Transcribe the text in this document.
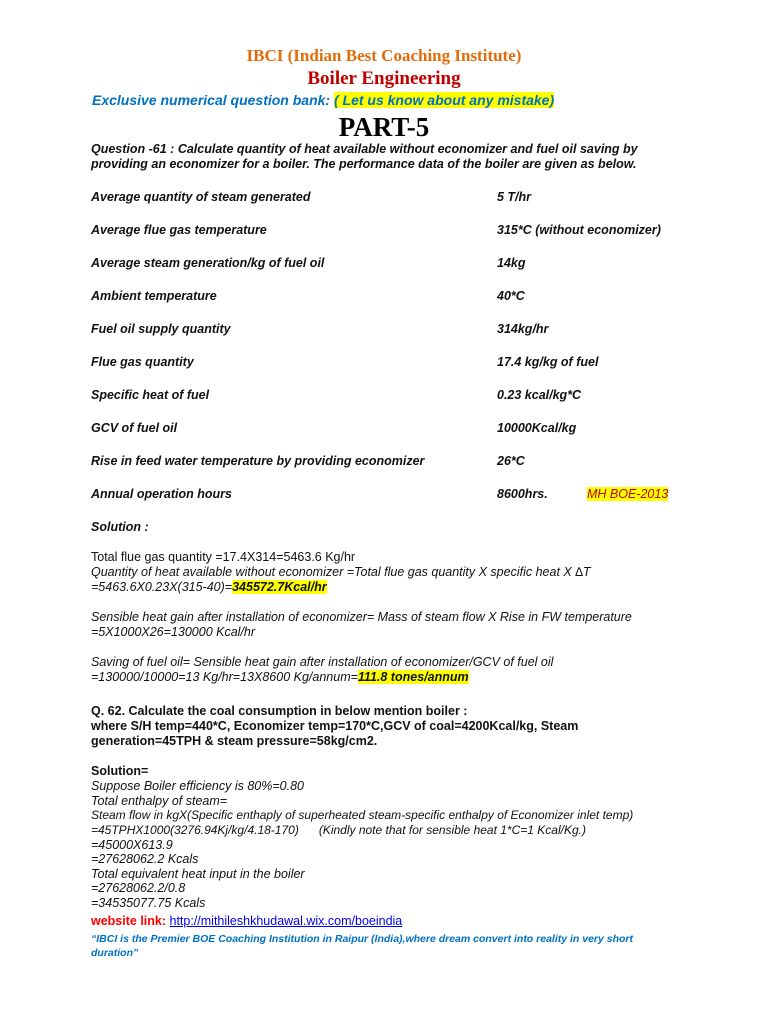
IBCI (Indian Best Coaching Institute)
Boiler Engineering
Exclusive numerical question bank: ( Let us know about any mistake)
PART-5
Question -61 : Calculate quantity of heat available without economizer and fuel oil saving by
providing an economizer for a boiler. The performance data of the boiler are given as below.
Average quantity of steam generated	5 T/hr
Average flue gas temperature	315*C (without economizer)
Average steam generation/kg of fuel oil	14kg
Ambient temperature	40*C
Fuel oil supply quantity	314kg/hr
Flue gas quantity	17.4 kg/kg of fuel
Specific heat of fuel	0.23 kcal/kg*C
GCV of fuel oil	10000Kcal/kg
Rise in feed water temperature by providing economizer	26*C
Annual operation hours	8600hrs.	MH BOE-2013
Solution :
Total flue gas quantity =17.4X314=5463.6 Kg/hr
Quantity of heat available without economizer =Total flue gas quantity X specific heat X ∆T
=5463.6X0.23X(315-40)=345572.7Kcal/hr
Sensible heat gain after installation of economizer= Mass of steam flow X Rise in FW temperature
=5X1000X26=130000 Kcal/hr
Saving of fuel oil= Sensible heat gain after installation of economizer/GCV of fuel oil
=130000/10000=13 Kg/hr=13X8600 Kg/annum=111.8 tones/annum
Q. 62. Calculate the coal consumption in below mention boiler :
where S/H temp=440*C, Economizer temp=170*C,GCV of coal=4200Kcal/kg, Steam
generation=45TPH & steam pressure=58kg/cm2.
Solution=
Suppose Boiler efficiency is 80%=0.80
Total enthalpy of steam=
Steam flow in kgX(Specific enthaply of superheated steam-specific enthalpy of Economizer inlet temp)
=45TPHX1000(3276.94Kj/kg/4.18-170)      (Kindly note that for sensible heat 1*C=1 Kcal/Kg.)
=45000X613.9
=27628062.2 Kcals
Total equivalent heat input in the boiler
=27628062.2/0.8
=34535077.75 Kcals
website link: http://mithileshkhudawal.wix.com/boeindia
“IBCI is the Premier BOE Coaching Institution in Raipur (India),where dream convert into reality in very short
duration”
